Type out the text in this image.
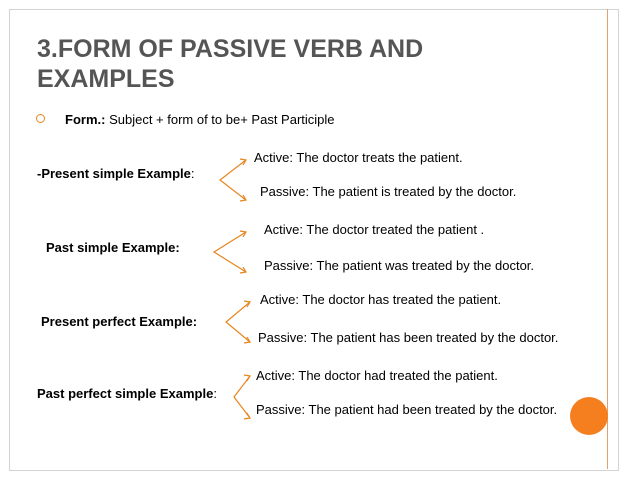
3.FORM OF PASSIVE VERB AND EXAMPLES
Form.: Subject + form of to be+ Past Participle
-Present simple Example:
Active: The doctor treats the patient.
Passive: The patient is treated by the doctor.
Past simple Example:
Active: The doctor treated the patient .
Passive: The patient was treated by the doctor.
Present perfect Example:
Active: The doctor has treated the patient.
Passive: The patient has been treated by the doctor.
Past perfect simple Example:
Active: The doctor had treated the patient.
Passive: The patient had been treated by the doctor.
